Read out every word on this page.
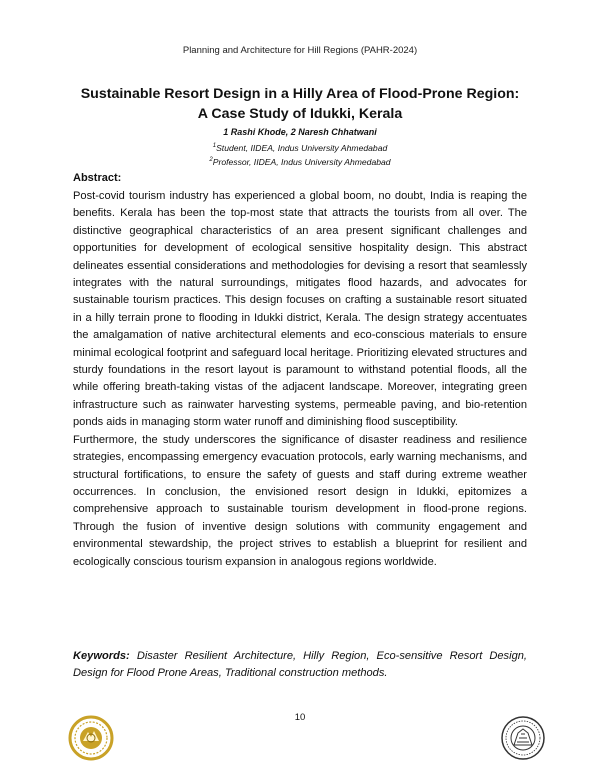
Planning and Architecture for Hill Regions (PAHR-2024)
Sustainable Resort Design in a Hilly Area of Flood-Prone Region: A Case Study of Idukki, Kerala
1 Rashi Khode, 2 Naresh Chhatwani
$^1$Student, IIDEA, Indus University Ahmedabad
$^2$Professor, IIDEA, Indus University Ahmedabad
Abstract:

Post-covid tourism industry has experienced a global boom, no doubt, India is reaping the benefits. Kerala has been the top-most state that attracts the tourists from all over. The distinctive geographical characteristics of an area present significant challenges and opportunities for development of ecological sensitive hospitality design. This abstract delineates essential considerations and methodologies for devising a resort that seamlessly integrates with the natural surroundings, mitigates flood hazards, and advocates for sustainable tourism practices. This design focuses on crafting a sustainable resort situated in a hilly terrain prone to flooding in Idukki district, Kerala. The design strategy accentuates the amalgamation of native architectural elements and eco-conscious materials to ensure minimal ecological footprint and safeguard local heritage. Prioritizing elevated structures and sturdy foundations in the resort layout is paramount to withstand potential floods, all the while offering breath-taking vistas of the adjacent landscape. Moreover, integrating green infrastructure such as rainwater harvesting systems, permeable paving, and bio-retention ponds aids in managing storm water runoff and diminishing flood susceptibility.

Furthermore, the study underscores the significance of disaster readiness and resilience strategies, encompassing emergency evacuation protocols, early warning mechanisms, and structural fortifications, to ensure the safety of guests and staff during extreme weather occurrences. In conclusion, the envisioned resort design in Idukki, epitomizes a comprehensive approach to sustainable tourism development in flood-prone regions. Through the fusion of inventive design solutions with community engagement and environmental stewardship, the project strives to establish a blueprint for resilient and ecologically conscious tourism expansion in analogous regions worldwide.

Keywords: Disaster Resilient Architecture, Hilly Region, Eco-sensitive Resort Design, Design for Flood Prone Areas, Traditional construction methods.
10
